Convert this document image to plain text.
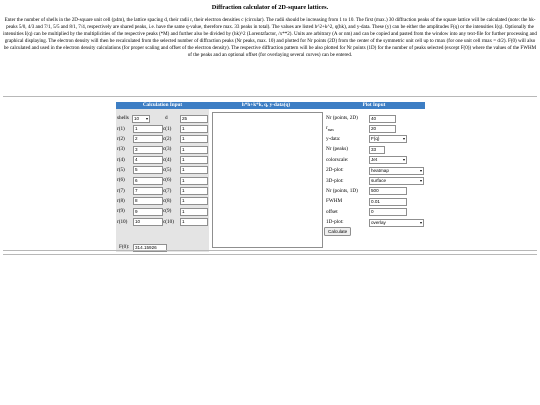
Diffraction calculator of 2D-square lattices.
Enter the number of shells in the 2D-square unit cell (p4m), the lattice spacing d, their radii r, their electron densities c (circular). The radii should be increasing from 1 to 10. The first (max.) 30 diffraction peaks of the square lattice will be calculated (note: the hk-peaks 5/0, 4/3 and 7/1, 5/5 and 8/1, 7/4, respectively are shared peaks, i.e. have the same q-value, therefore max. 33 peaks in total). The values are listed h^2+k^2, q(hk), and y-data. These (y) can be either the amplitudes F(q) or the intensities I(q). Optionally the intensities I(q) can be multiplied by the multiplicities of the respective peaks (*M) and further also be divided by (hk)^2 (Lorentzfactor, /x**2). Units are arbitrary (A or nm) and can be copied and pasted from the window into any text-file for further processing and graphical displaying. The electron density will then be recalculated from the selected number of diffraction peaks (Nr peaks, max. 10) and plotted for Nr points (2D) from the center of the symmetric unit cell up to rmax (for one unit cell rmax = d/2). F(0) will also be calculated and used in the electron density calculations (for proper scaling and offset of the electron density). The respective diffraction pattern will be also plotted for Nr points (1D) for the number of peaks selected (except F(0)) where the values of the FWHM of the peaks and an optional offset (for overlaying several curves) can be entered.
Calculation Input	h*h+k*k, q, y-data(q)	Plot Input
shells	10 ▾	d	25
r(1)	1	c(1)	1
r(2)	2	c(2)	1
r(3)	3	c(3)	1
r(4)	4	c(4)	1
r(5)	5	c(5)	1
r(6)	6	c(6)	1
r(7)	7	c(7)	1
r(8)	8	c(8)	1
r(9)	9	c(9)	1
r(10)	10	c(10)	1
F(0):	314.15926
Nr (points, 2D)	40
$r_{max}$	20
y-data:	F(q)	▾
Nr (peaks)	33
colorscale:	Jet	▾
2D-plot:	heatmap	▾
3D-plot:	surface	▾
Nr (points, 1D)	500
FWHM	0.01
offset	0
1D-plot:	overlay	▾
Calculate
